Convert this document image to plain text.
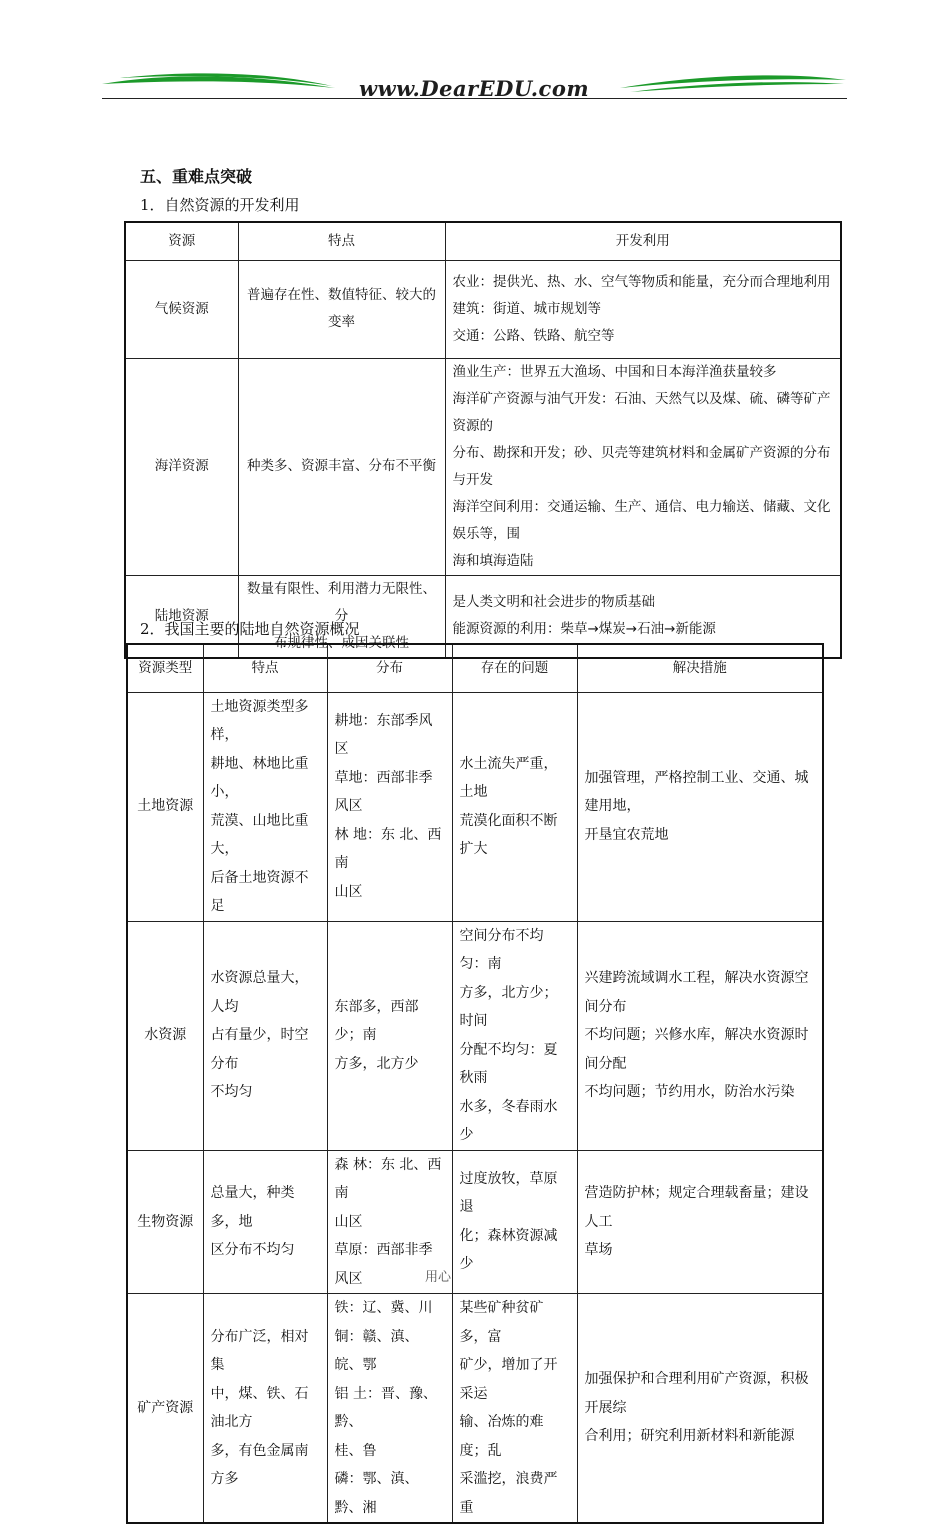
www.DearEDU.com
五、重难点突破
1．自然资源的开发利用
资源	特点	开发利用
气候资源	普遍存在性、数值特征、较大的变率	农业：提供光、热、水、空气等物质和能量，充分而合理地利用
建筑：街道、城市规划等
交通：公路、铁路、航空等

海洋资源	种类多、资源丰富、分布不平衡	渔业生产：世界五大渔场、中国和日本海洋渔获量较多
海洋矿产资源与油气开发：石油、天然气以及煤、硫、磷等矿产资源的
分布、勘探和开发；砂、贝壳等建筑材料和金属矿产资源的分布与开发
海洋空间利用：交通运输、生产、通信、电力输送、储藏、文化娱乐等，围
海和填海造陆

陆地资源	数量有限性、利用潜力无限性、分
布规律性、成因关联性	是人类文明和社会进步的物质基础
能源资源的利用：柴草→煤炭→石油→新能源
2．我国主要的陆地自然资源概况
资源类型	特点	分布	存在的问题	解决措施
土地资源	土地资源类型多样，
耕地、林地比重小，
荒漠、山地比重大，
后备土地资源不足	耕地：东部季风区
草地：西部非季风区
林 地：东 北、西 南
山区	水土流失严重，土地
荒漠化面积不断
扩大	加强管理，严格控制工业、交通、城建用地，
开垦宜农荒地

水资源	水资源总量大，人均
占有量少，时空分布
不均匀	东部多，西部少；南
方多，北方少	空间分布不均匀：南
方多，北方少；时间
分配不均匀：夏秋雨
水多，冬春雨水少	兴建跨流域调水工程，解决水资源空间分布
不均问题；兴修水库，解决水资源时间分配
不均问题；节约用水，防治水污染

生物资源	总量大，种类多，地
区分布不均匀	森 林：东 北、西 南
山区
草原：西部非季风区	过度放牧，草原退
化；森林资源减少	营造防护林；规定合理载畜量；建设人工
草场

矿产资源	分布广泛，相对集
中，煤、铁、石油北方
多，有色金属南方多	铁：辽、冀、川
铜：赣、滇、皖、鄂
铝 土：晋、豫、黔、
桂、鲁
磷：鄂、滇、黔、湘	某些矿种贫矿多，富
矿少，增加了开采运
输、冶炼的难度；乱
采滥挖，浪费严重	加强保护和合理利用矿产资源，积极开展综
合利用；研究利用新材料和新能源
用心
